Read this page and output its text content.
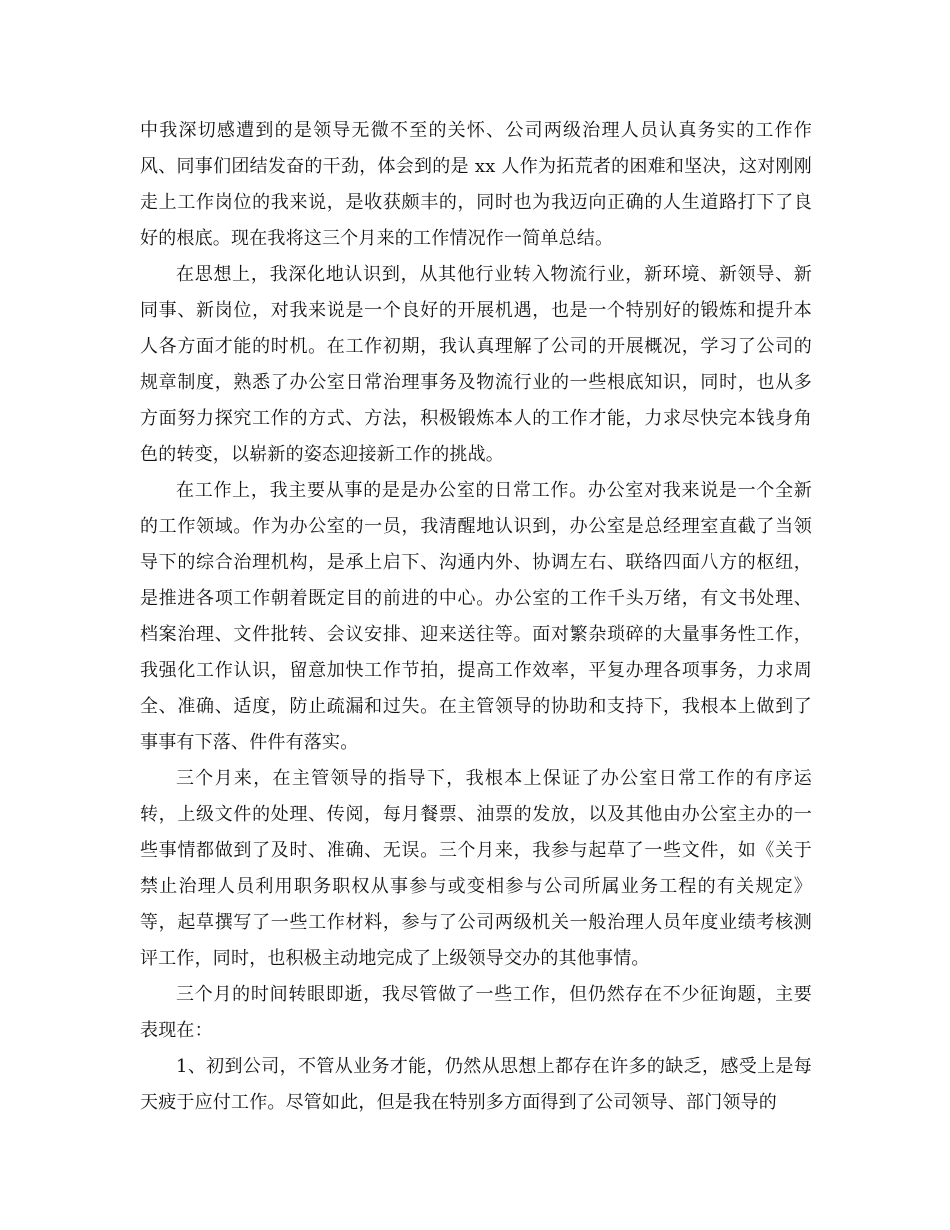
中我深切感遭到的是领导无微不至的关怀、公司两级治理人员认真务实的工作作风、同事们团结发奋的干劲，体会到的是 xx 人作为拓荒者的困难和坚决，这对刚刚走上工作岗位的我来说，是收获颇丰的，同时也为我迈向正确的人生道路打下了良好的根底。现在我将这三个月来的工作情况作一简单总结。

在思想上，我深化地认识到，从其他行业转入物流行业，新环境、新领导、新同事、新岗位，对我来说是一个良好的开展机遇，也是一个特别好的锻炼和提升本人各方面才能的时机。在工作初期，我认真理解了公司的开展概况，学习了公司的规章制度，熟悉了办公室日常治理事务及物流行业的一些根底知识，同时，也从多方面努力探究工作的方式、方法，积极锻炼本人的工作才能，力求尽快完本钱身角色的转变，以崭新的姿态迎接新工作的挑战。

在工作上，我主要从事的是是办公室的日常工作。办公室对我来说是一个全新的工作领域。作为办公室的一员，我清醒地认识到，办公室是总经理室直截了当领导下的综合治理机构，是承上启下、沟通内外、协调左右、联络四面八方的枢纽，是推进各项工作朝着既定目的前进的中心。办公室的工作千头万绪，有文书处理、档案治理、文件批转、会议安排、迎来送往等。面对繁杂琐碎的大量事务性工作，我强化工作认识，留意加快工作节拍，提高工作效率，平复办理各项事务，力求周全、准确、适度，防止疏漏和过失。在主管领导的协助和支持下，我根本上做到了事事有下落、件件有落实。

三个月来，在主管领导的指导下，我根本上保证了办公室日常工作的有序运转，上级文件的处理、传阅，每月餐票、油票的发放，以及其他由办公室主办的一些事情都做到了及时、准确、无误。三个月来，我参与起草了一些文件，如《关于禁止治理人员利用职务职权从事参与或变相参与公司所属业务工程的有关规定》等，起草撰写了一些工作材料，参与了公司两级机关一般治理人员年度业绩考核测评工作，同时，也积极主动地完成了上级领导交办的其他事情。

三个月的时间转眼即逝，我尽管做了一些工作，但仍然存在不少征询题，主要表现在：

1、初到公司，不管从业务才能，仍然从思想上都存在许多的缺乏，感受上是每天疲于应付工作。尽管如此，但是我在特别多方面得到了公司领导、部门领导的
